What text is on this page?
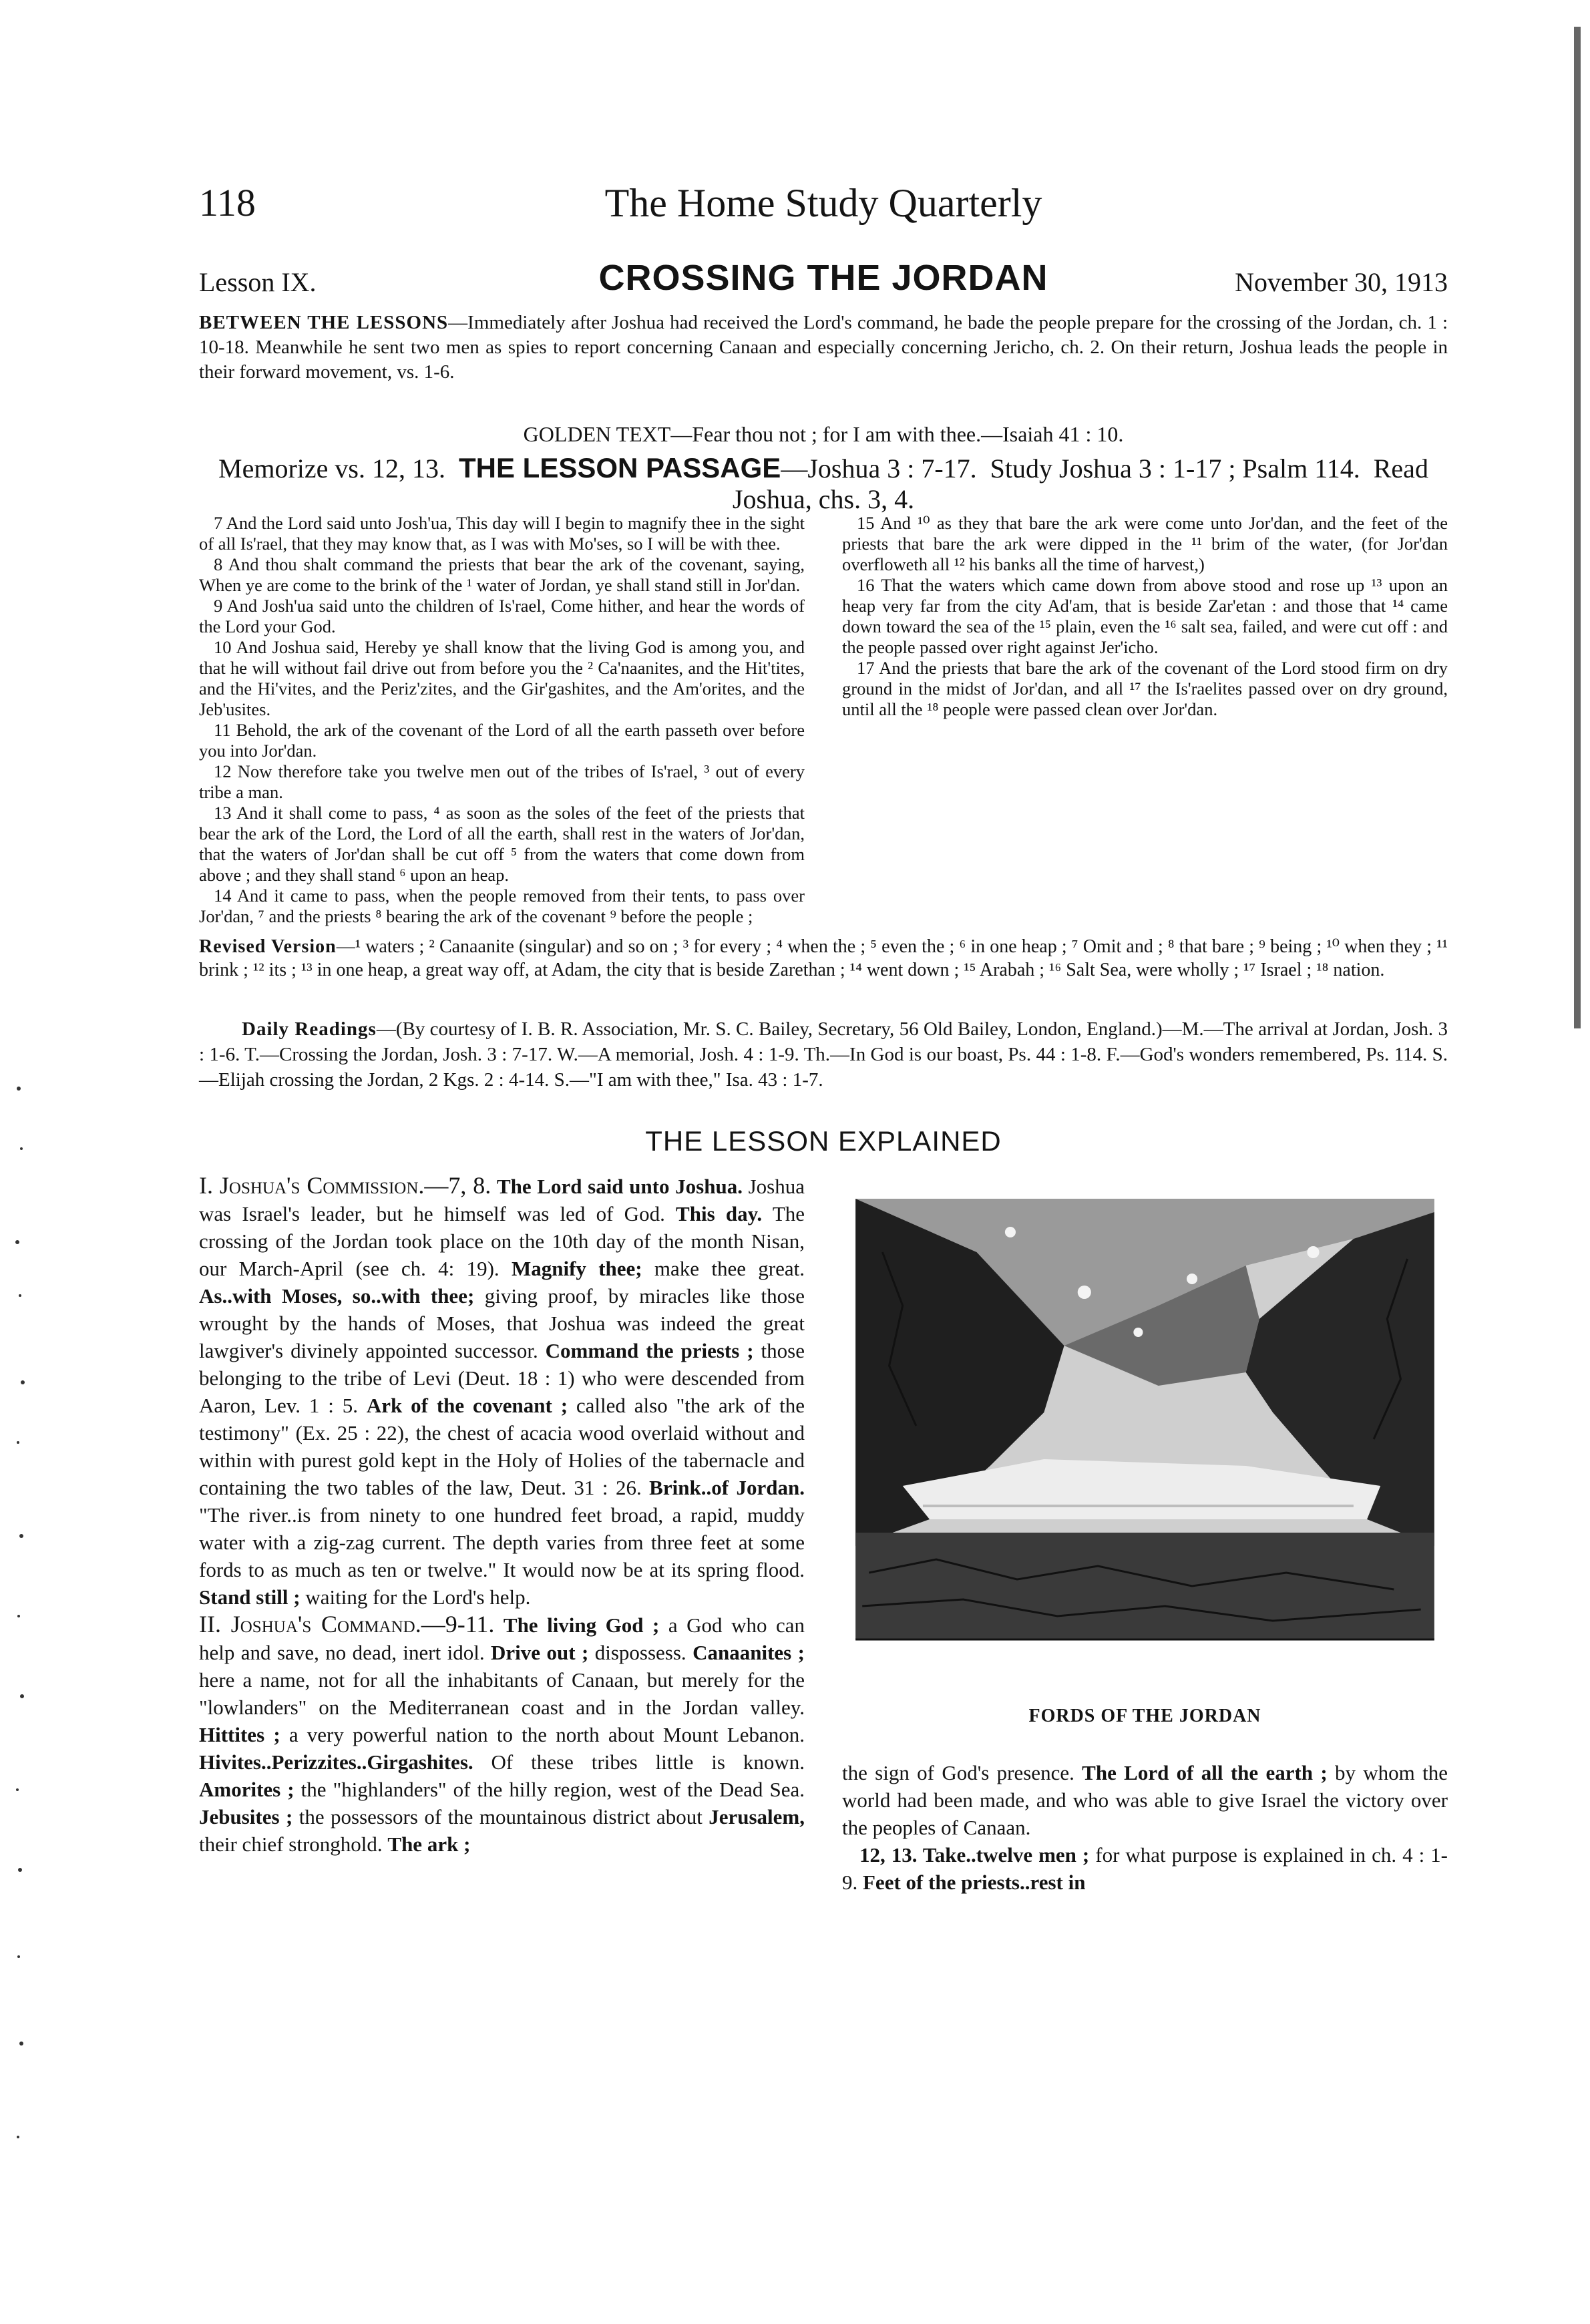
118	The Home Study Quarterly
Lesson IX.	CROSSING THE JORDAN	November 30, 1913
BETWEEN THE LESSONS—Immediately after Joshua had received the Lord's command, he bade the people prepare for the crossing of the Jordan, ch. 1 : 10-18. Meanwhile he sent two men as spies to report concerning Canaan and especially concerning Jericho, ch. 2. On their return, Joshua leads the people in their forward movement, vs. 1-6.
GOLDEN TEXT—Fear thou not ; for I am with thee.—Isaiah 41 : 10.
Memorize vs. 12, 13. THE LESSON PASSAGE—Joshua 3 : 7-17. Study Joshua 3 : 1-17 ; Psalm 114. Read Joshua, chs. 3, 4.

7 And the Lord said unto Josh'ua, This day will I begin to magnify thee in the sight of all Is'rael, that they may know that, as I was with Mo'ses, so I will be with thee.

8 And thou shalt command the priests that bear the ark of the covenant, saying, When ye are come to the brink of the ¹ water of Jordan, ye shall stand still in Jor'dan.

9 And Josh'ua said unto the children of Is'rael, Come hither, and hear the words of the Lord your God.

10 And Joshua said, Hereby ye shall know that the living God is among you, and that he will without fail drive out from before you the ² Ca'naanites, and the Hit'tites, and the Hi'vites, and the Periz'zites, and the Gir'gashites, and the Am'orites, and the Jeb'usites.

11 Behold, the ark of the covenant of the Lord of all the earth passeth over before you into Jor'dan.

12 Now therefore take you twelve men out of the tribes of Is'rael, ³ out of every tribe a man.

13 And it shall come to pass, ⁴ as soon as the soles of the feet of the priests that bear the ark of the Lord, the Lord of all the earth, shall rest in the waters of Jor'dan, that the waters of Jor'dan shall be cut off ⁵ from the waters that come down from above ; and they shall stand ⁶ upon an heap.

14 And it came to pass, when the people removed from their tents, to pass over Jor'dan, ⁷ and the priests ⁸ bearing the ark of the covenant ⁹ before the people ;

15 And ¹⁰ as they that bare the ark were come unto Jor'dan, and the feet of the priests that bare the ark were dipped in the ¹¹ brim of the water, (for Jor'dan overfloweth all ¹² his banks all the time of harvest,)

16 That the waters which came down from above stood and rose up ¹³ upon an heap very far from the city Ad'am, that is beside Zar'etan : and those that ¹⁴ came down toward the sea of the ¹⁵ plain, even the ¹⁶ salt sea, failed, and were cut off : and the people passed over right against Jer'icho.

17 And the priests that bare the ark of the covenant of the Lord stood firm on dry ground in the midst of Jor'dan, and all ¹⁷ the Is'raelites passed over on dry ground, until all the ¹⁸ people were passed clean over Jor'dan.

Revised Version—¹ waters ; ² Canaanite (singular) and so on ; ³ for every ; ⁴ when the ; ⁵ even the ; ⁶ in one heap ; ⁷ Omit and ; ⁸ that bare ; ⁹ being ; ¹⁰ when they ; ¹¹ brink ; ¹² its ; ¹³ in one heap, a great way off, at Adam, the city that is beside Zarethan ; ¹⁴ went down ; ¹⁵ Arabah ; ¹⁶ Salt Sea, were wholly ; ¹⁷ Israel ; ¹⁸ nation.
Daily Readings—(By courtesy of I. B. R. Association, Mr. S. C. Bailey, Secretary, 56 Old Bailey, London, England.)—M.—The arrival at Jordan, Josh. 3 : 1-6. T.—Crossing the Jordan, Josh. 3 : 7-17. W.—A memorial, Josh. 4 : 1-9. Th.—In God is our boast, Ps. 44 : 1-8. F.—God's wonders remembered, Ps. 114. S.—Elijah crossing the Jordan, 2 Kgs. 2 : 4-14. S.—"I am with thee," Isa. 43 : 1-7.
THE LESSON EXPLAINED

I. Joshua's Commission.—7, 8. The Lord said unto Joshua. Joshua was Israel's leader, but he himself was led of God. This day. The crossing of the Jordan took place on the 10th day of the month Nisan, our March-April (see ch. 4: 19). Magnify thee; make thee great. As..with Moses, so..with thee; giving proof, by miracles like those wrought by the hands of Moses, that Joshua was indeed the great lawgiver's divinely appointed successor. Command the priests ; those belonging to the tribe of Levi (Deut. 18 : 1) who were descended from Aaron, Lev. 1 : 5. Ark of the covenant ; called also "the ark of the testimony" (Ex. 25 : 22), the chest of acacia wood overlaid without and within with purest gold kept in the Holy of Holies of the tabernacle and containing the two tables of the law, Deut. 31 : 26. Brink..of Jordan. "The river..is from ninety to one hundred feet broad, a rapid, muddy water with a zig-zag current. The depth varies from three feet at some fords to as much as ten or twelve." It would now be at its spring flood. Stand still ; waiting for the Lord's help.

II. Joshua's Command.—9-11. The living God ; a God who can help and save, no dead, inert idol. Drive out ; dispossess. Canaanites ; here a name, not for all the inhabitants of Canaan, but merely for the "lowlanders" on the Mediterranean coast and in the Jordan valley. Hittites ; a very powerful nation to the north about Mount Lebanon. Hivites..Perizzites..Girgashites. Of these tribes little is known. Amorites ; the "highlanders" of the hilly region, west of the Dead Sea. Jebusites ; the possessors of the mountainous district about Jerusalem, their chief stronghold. The ark ;

FORDS OF THE JORDAN

the sign of God's presence. The Lord of all the earth ; by whom the world had been made, and who was able to give Israel the victory over the peoples of Canaan.

12, 13. Take..twelve men ; for what purpose is explained in ch. 4 : 1-9. Feet of the priests..rest in
